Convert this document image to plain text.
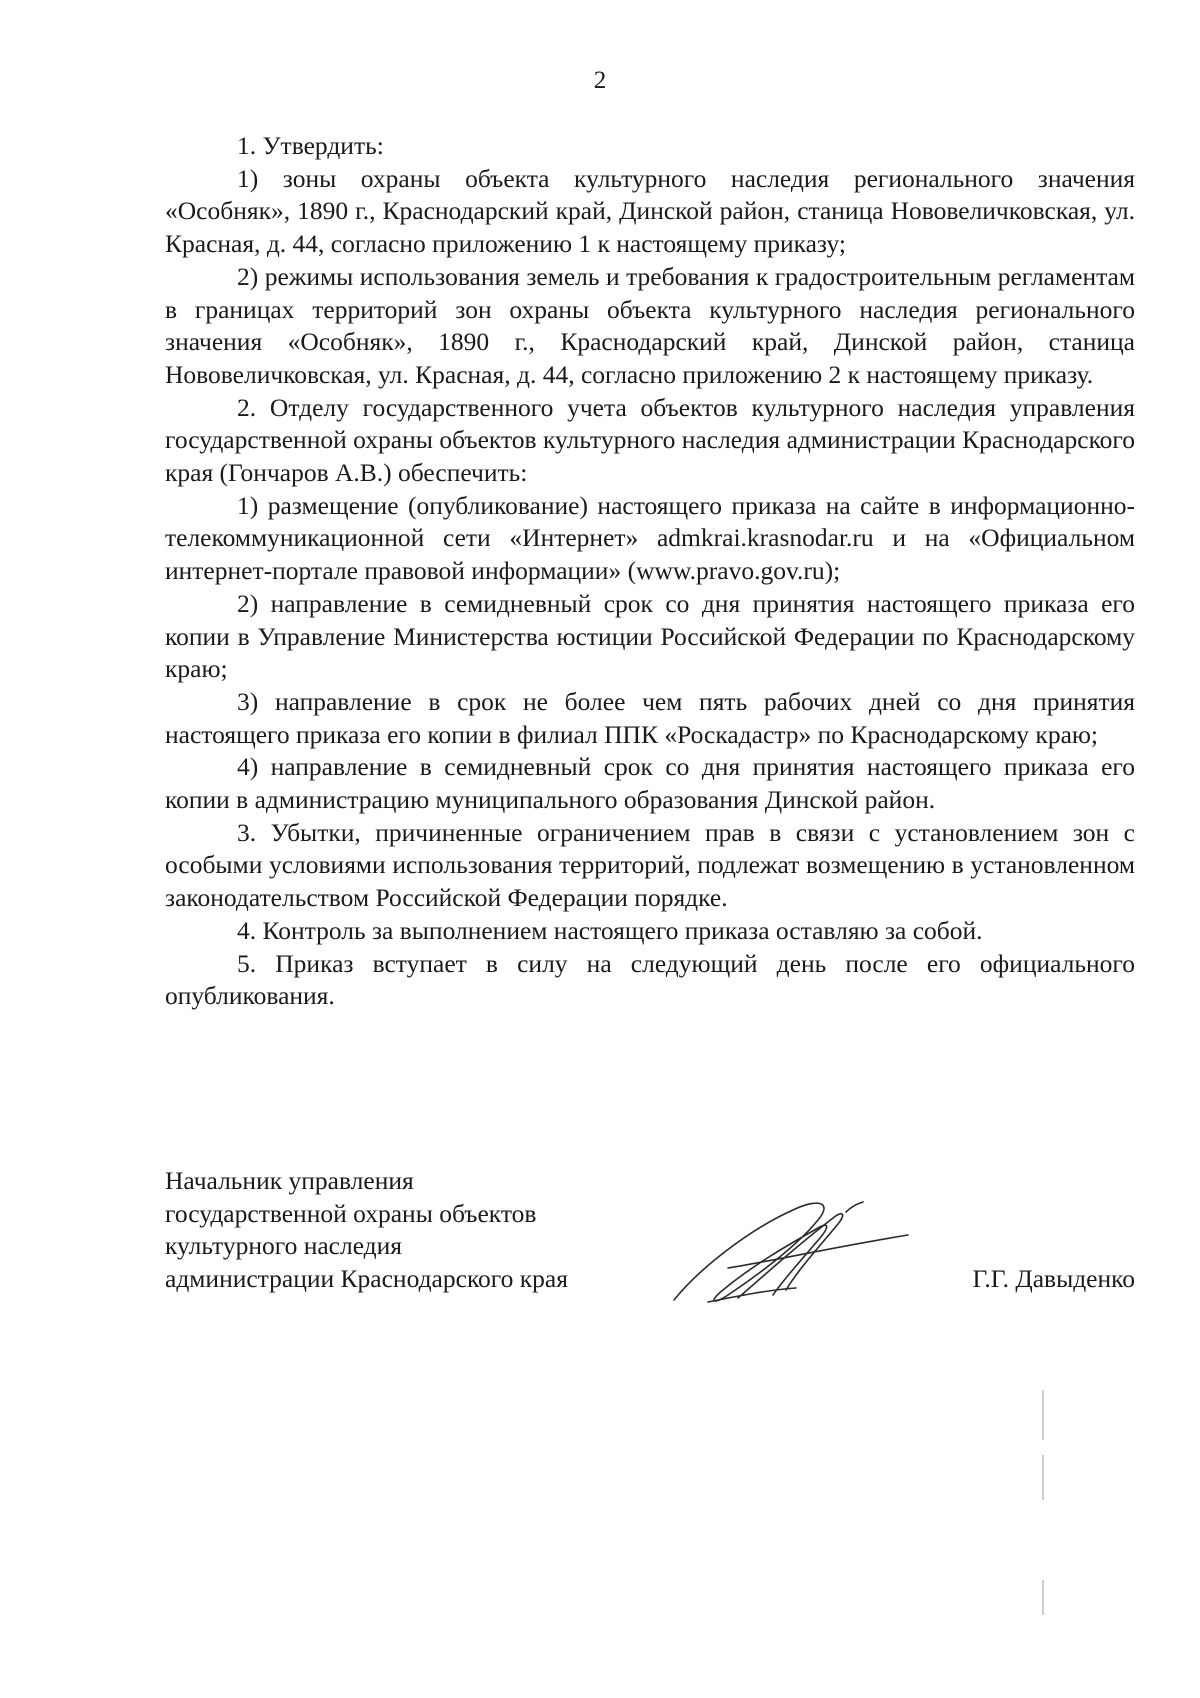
2

1. Утвердить:

1) зоны охраны объекта культурного наследия регионального значения «Особняк», 1890 г., Краснодарский край, Динской район, станица Нововеличковская, ул. Красная, д. 44, согласно приложению 1 к настоящему приказу;

2) режимы использования земель и требования к градостроительным регламентам в границах территорий зон охраны объекта культурного наследия регионального значения «Особняк», 1890 г., Краснодарский край, Динской район, станица Нововеличковская, ул. Красная, д. 44, согласно приложению 2 к настоящему приказу.

2. Отделу государственного учета объектов культурного наследия управления государственной охраны объектов культурного наследия администрации Краснодарского края (Гончаров А.В.) обеспечить:

1) размещение (опубликование) настоящего приказа на сайте в информационно-телекоммуникационной сети «Интернет» admkrai.krasnodar.ru и на «Официальном интернет-портале правовой информации» (www.pravo.gov.ru);

2) направление в семидневный срок со дня принятия настоящего приказа его копии в Управление Министерства юстиции Российской Федерации по Краснодарскому краю;

3) направление в срок не более чем пять рабочих дней со дня принятия настоящего приказа его копии в филиал ППК «Роскадастр» по Краснодарскому краю;

4) направление в семидневный срок со дня принятия настоящего приказа его копии в администрацию муниципального образования Динской район.

3. Убытки, причиненные ограничением прав в связи с установлением зон с особыми условиями использования территорий, подлежат возмещению в установленном законодательством Российской Федерации порядке.

4. Контроль за выполнением настоящего приказа оставляю за собой.

5. Приказ вступает в силу на следующий день после его официального опубликования.

Начальник управления
государственной охраны объектов
культурного наследия
администрации Краснодарского края	Г.Г. Давыденко
